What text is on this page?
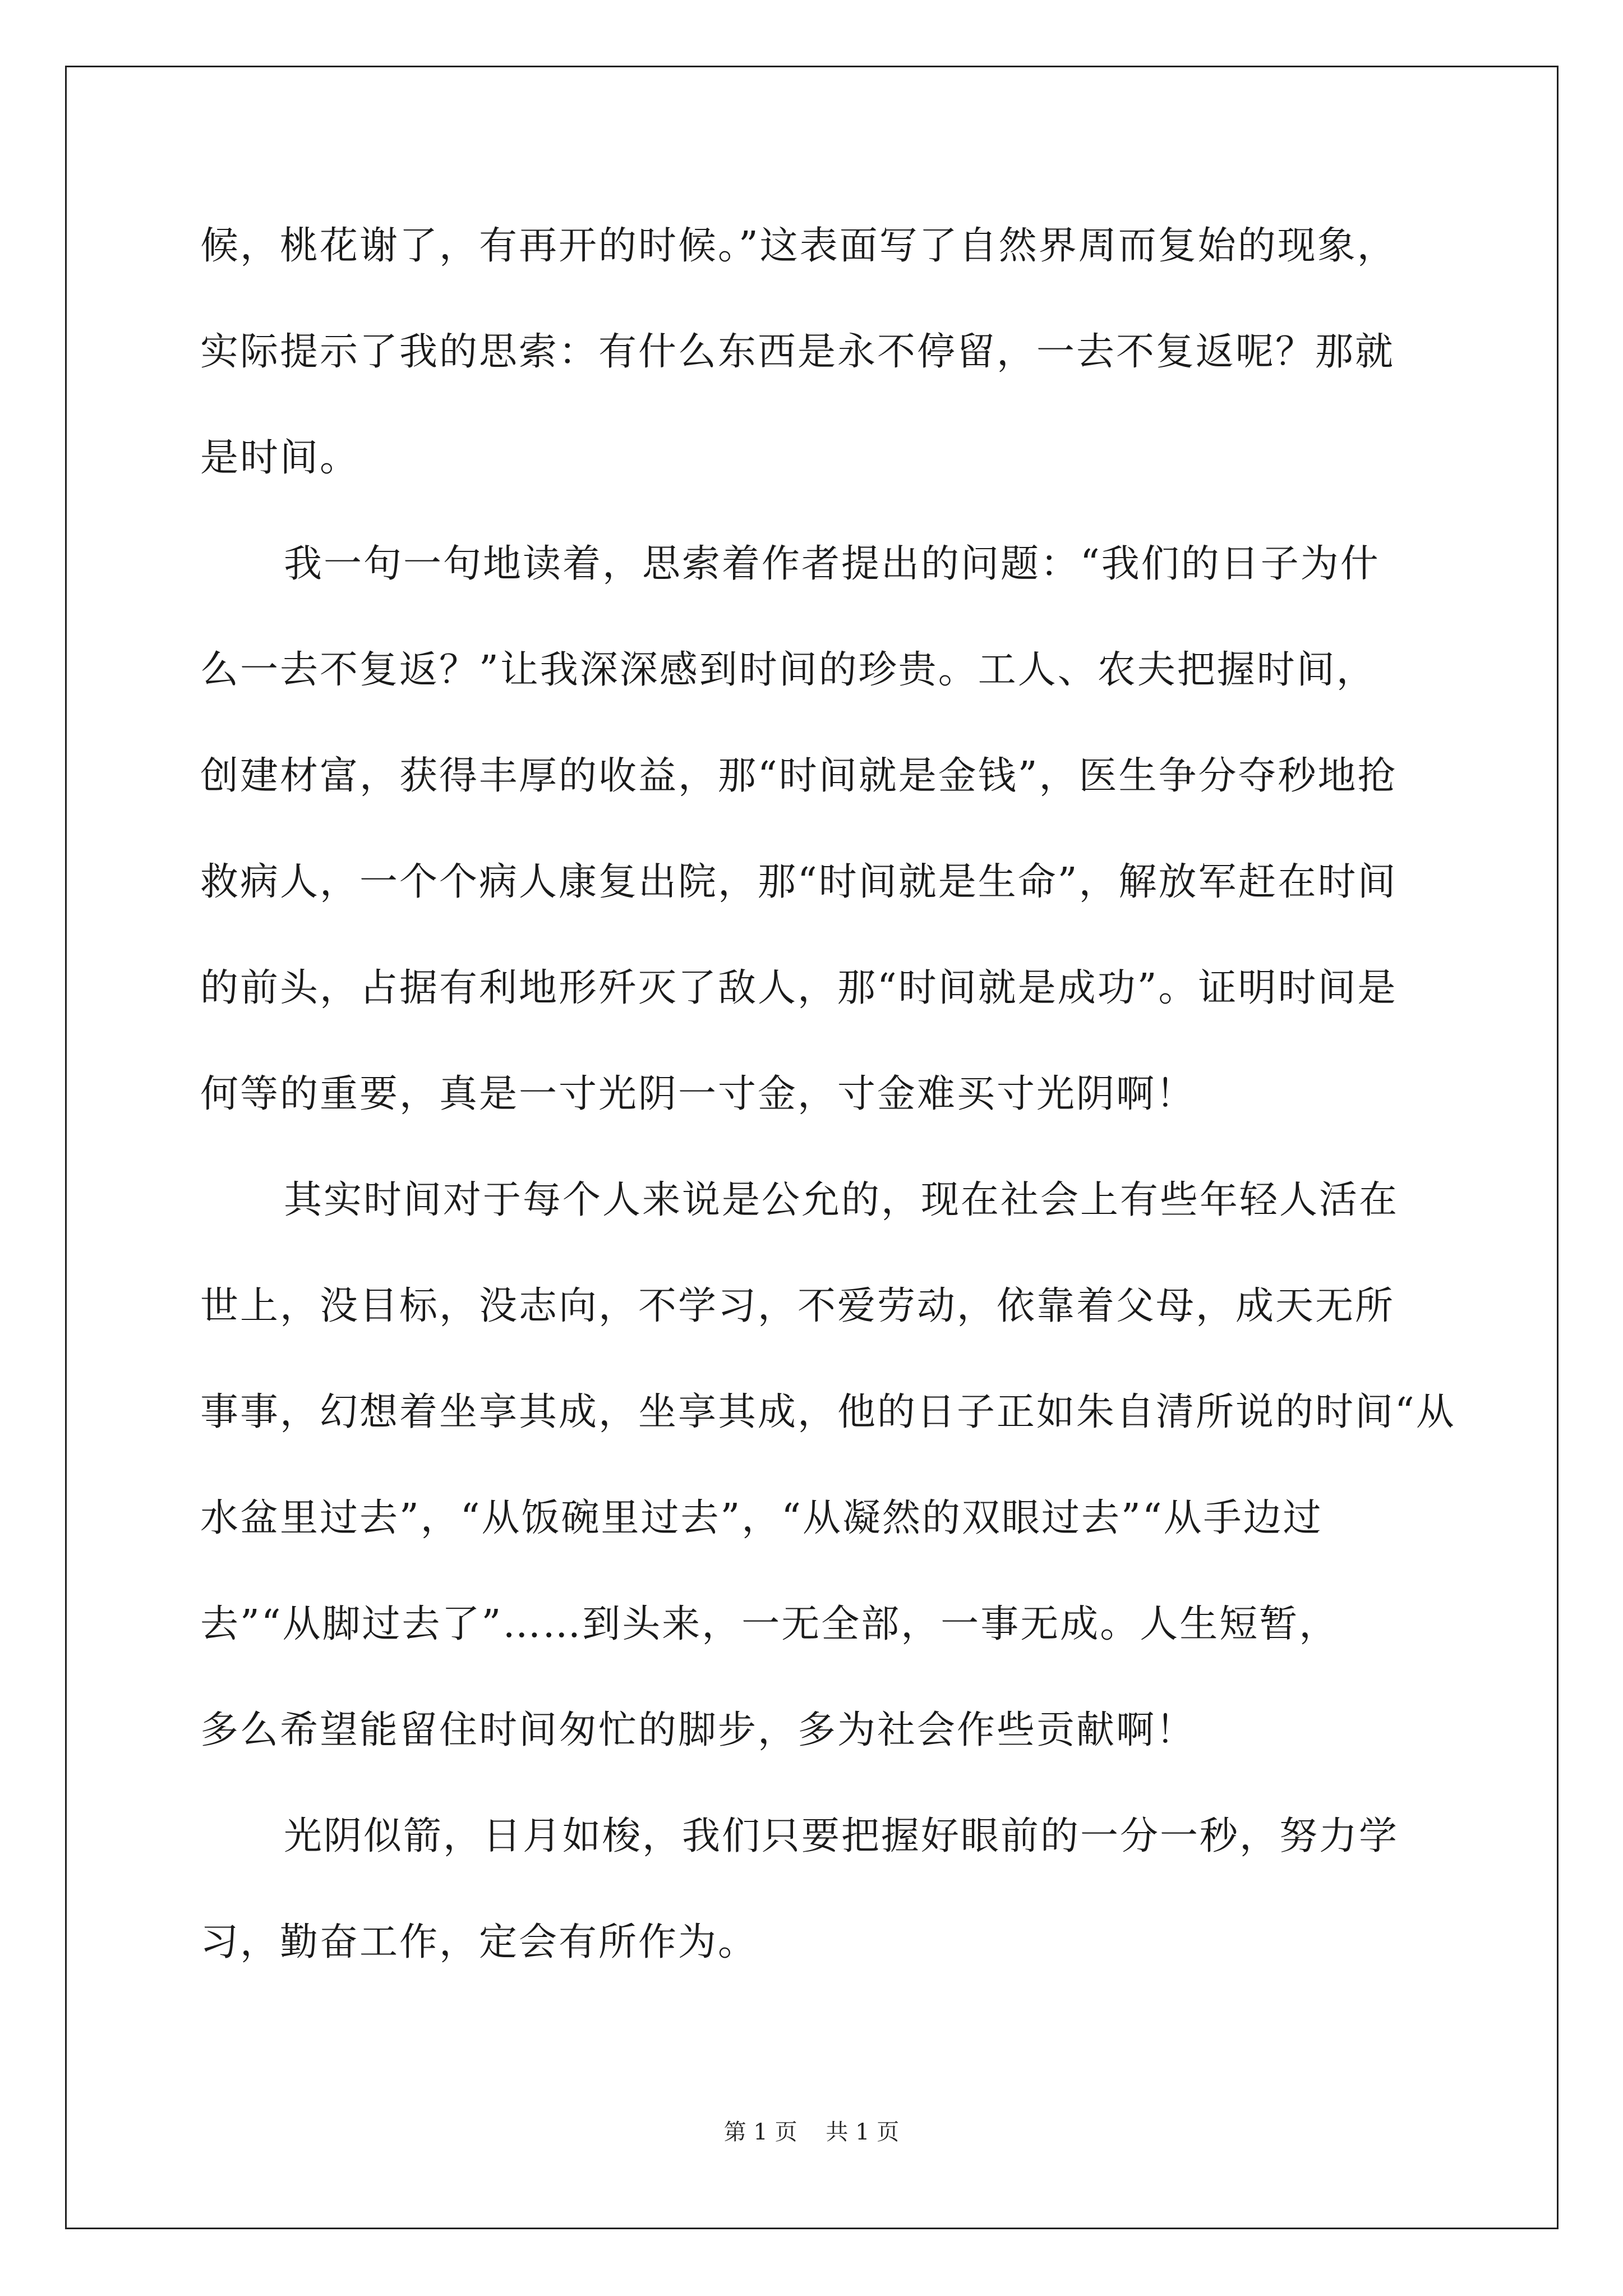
候，桃花谢了，有再开的时候。”这表面写了自然界周而复始的现象，
实际提示了我的思索：有什么东西是永不停留，一去不复返呢？那就
是时间。
我一句一句地读着，思索着作者提出的问题：“我们的日子为什
么一去不复返？”让我深深感到时间的珍贵。工人、农夫把握时间，
创建材富，获得丰厚的收益，那“时间就是金钱”，医生争分夺秒地抢
救病人，一个个病人康复出院，那“时间就是生命”，解放军赶在时间
的前头，占据有利地形歼灭了敌人，那“时间就是成功”。证明时间是
何等的重要，真是一寸光阴一寸金，寸金难买寸光阴啊！
其实时间对于每个人来说是公允的，现在社会上有些年轻人活在
世上，没目标，没志向，不学习，不爱劳动，依靠着父母，成天无所
事事，幻想着坐享其成，坐享其成，他的日子正如朱自清所说的时间“从
水盆里过去”，“从饭碗里过去”，“从凝然的双眼过去”“从手边过
去”“从脚过去了”……到头来，一无全部，一事无成。人生短暂，
多么希望能留住时间匆忙的脚步，多为社会作些贡献啊！
光阴似箭，日月如梭，我们只要把握好眼前的一分一秒，努力学
习，勤奋工作，定会有所作为。
第 1 页    共 1 页
